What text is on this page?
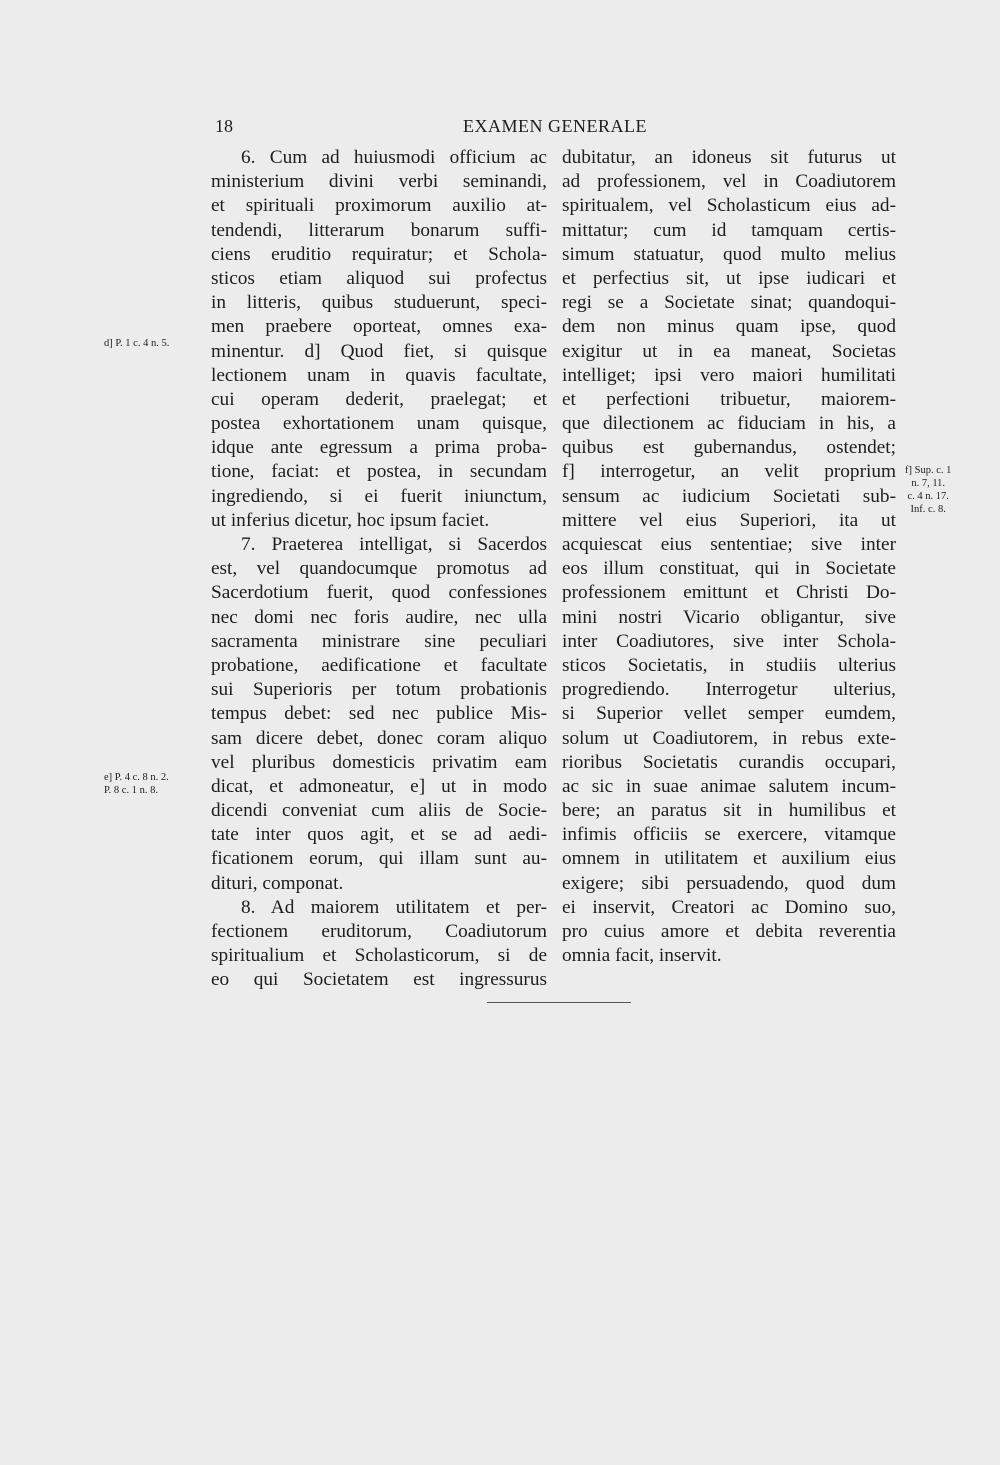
18	EXAMEN GENERALE
6. Cum ad huiusmodi officium ac
ministerium divini verbi seminandi,
et spirituali proximorum auxilio at-
tendendi, litterarum bonarum suffi-
ciens eruditio requiratur; et Schola-
sticos etiam aliquod sui profectus
in litteris, quibus studuerunt, speci-
men praebere oporteat, omnes exa-
minentur. d] Quod fiet, si quisque
lectionem unam in quavis facultate,
cui operam dederit, praelegat; et
postea exhortationem unam quisque,
idque ante egressum a prima proba-
tione, faciat: et postea, in secundam
ingrediendo, si ei fuerit iniunctum,
ut inferius dicetur, hoc ipsum faciet.
7. Praeterea intelligat, si Sacerdos
est, vel quandocumque promotus ad
Sacerdotium fuerit, quod confessiones
nec domi nec foris audire, nec ulla
sacramenta ministrare sine peculiari
probatione, aedificatione et facultate
sui Superioris per totum probationis
tempus debet: sed nec publice Mis-
sam dicere debet, donec coram aliquo
vel pluribus domesticis privatim eam
dicat, et admoneatur, e] ut in modo
dicendi conveniat cum aliis de Socie-
tate inter quos agit, et se ad aedi-
ficationem eorum, qui illam sunt au-
dituri, componat.
8. Ad maiorem utilitatem et per-
fectionem eruditorum, Coadiutorum
spiritualium et Scholasticorum, si de
eo qui Societatem est ingressurus
dubitatur, an idoneus sit futurus ut
ad professionem, vel in Coadiutorem
spiritualem, vel Scholasticum eius ad-
mittatur; cum id tamquam certis-
simum statuatur, quod multo melius
et perfectius sit, ut ipse iudicari et
regi se a Societate sinat; quandoqui-
dem non minus quam ipse, quod
exigitur ut in ea maneat, Societas
intelliget; ipsi vero maiori humilitati
et perfectioni tribuetur, maiorem-
que dilectionem ac fiduciam in his, a
quibus est gubernandus, ostendet;
f] interrogetur, an velit proprium
sensum ac iudicium Societati sub-
mittere vel eius Superiori, ita ut
acquiescat eius sententiae; sive inter
eos illum constituat, qui in Societate
professionem emittunt et Christi Do-
mini nostri Vicario obligantur, sive
inter Coadiutores, sive inter Schola-
sticos Societatis, in studiis ulterius
progrediendo. Interrogetur ulterius,
si Superior vellet semper eumdem,
solum ut Coadiutorem, in rebus exte-
rioribus Societatis curandis occupari,
ac sic in suae animae salutem incum-
bere; an paratus sit in humilibus et
infimis officiis se exercere, vitamque
omnem in utilitatem et auxilium eius
exigere; sibi persuadendo, quod dum
ei inservit, Creatori ac Domino suo,
pro cuius amore et debita reverentia
omnia facit, inservit.
d] P. 1 c. 4 n. 5.
e] P. 4 c. 8 n. 2.
P. 8 c. 1 n. 8.
f] Sup. c. 1
n. 7, 11.
c. 4 n. 17.
Inf. c. 8.
